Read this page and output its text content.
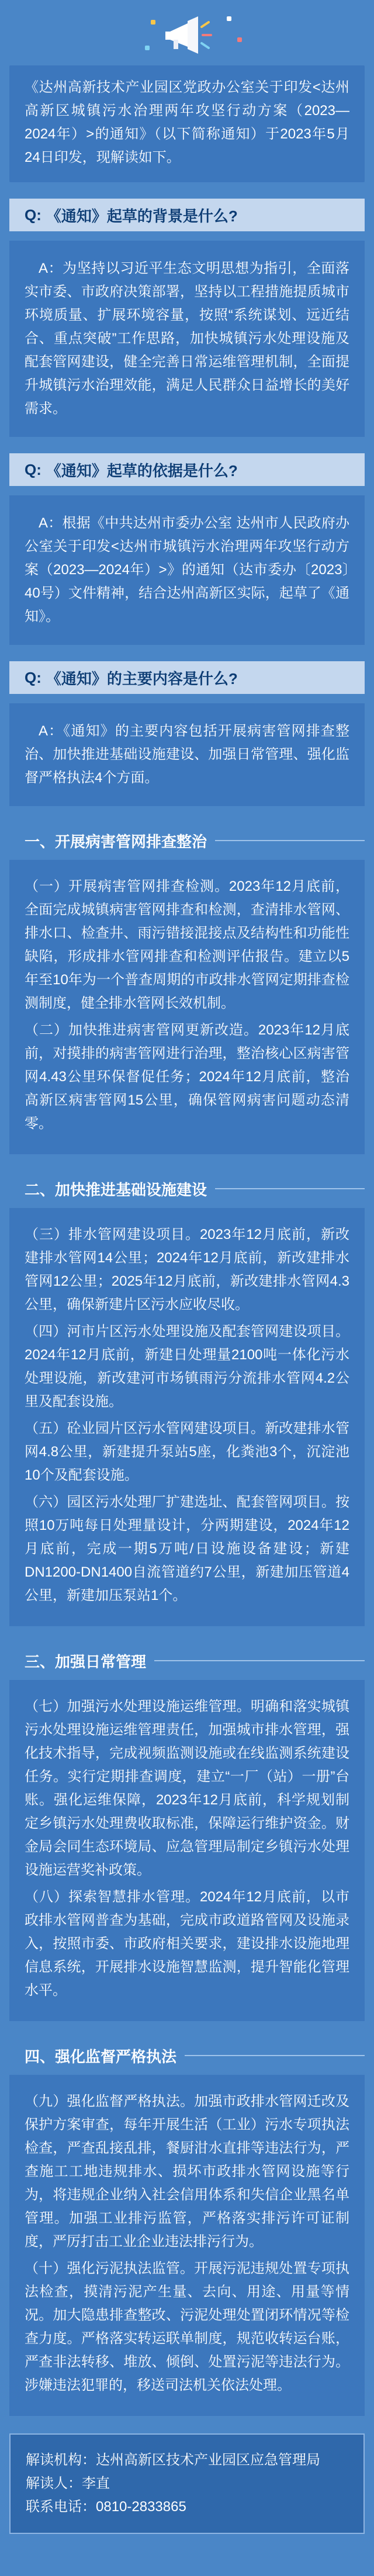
《达州高新技术产业园区党政办公室关于印发<达州高新区城镇污水治理两年攻坚行动方案（2023—2024年）>的通知》（以下简称通知）于2023年5月24日印发，现解读如下。
Q: 《通知》起草的背景是什么?

A：为坚持以习近平生态文明思想为指引，全面落实市委、市政府决策部署，坚持以工程措施提质城市环境质量、扩展环境容量，按照“系统谋划、远近结合、重点突破”工作思路，加快城镇污水处理设施及配套管网建设，健全完善日常运维管理机制，全面提升城镇污水治理效能，满足人民群众日益增长的美好需求。

Q: 《通知》起草的依据是什么?

A：根据《中共达州市委办公室 达州市人民政府办公室关于印发<达州市城镇污水治理两年攻坚行动方案（2023—2024年）>》的通知（达市委办〔2023〕40号）文件精神，结合达州高新区实际，起草了《通知》。

Q: 《通知》的主要内容是什么?

A：《通知》的主要内容包括开展病害管网排查整治、加快推进基础设施建设、加强日常管理、强化监督严格执法4个方面。

一、开展病害管网排查整治

（一）开展病害管网排查检测。2023年12月底前，全面完成城镇病害管网排查和检测，查清排水管网、排水口、检查井、雨污错接混接点及结构性和功能性缺陷，形成排水管网排查和检测评估报告。建立以5年至10年为一个普查周期的市政排水管网定期排查检测制度，健全排水管网长效机制。

（二）加快推进病害管网更新改造。2023年12月底前，对摸排的病害管网进行治理，整治核心区病害管网4.43公里环保督促任务；2024年12月底前，整治高新区病害管网15公里，确保管网病害问题动态清零。

二、加快推进基础设施建设

（三）排水管网建设项目。2023年12月底前，新改建排水管网14公里；2024年12月底前，新改建排水管网12公里；2025年12月底前，新改建排水管网4.3公里，确保新建片区污水应收尽收。

（四）河市片区污水处理设施及配套管网建设项目。2024年12月底前，新建日处理量2100吨一体化污水处理设施，新改建河市场镇雨污分流排水管网4.2公里及配套设施。

（五）砼业园片区污水管网建设项目。新改建排水管网4.8公里，新建提升泵站5座，化粪池3个，沉淀池10个及配套设施。

（六）园区污水处理厂扩建选址、配套管网项目。按照10万吨每日处理量设计，分两期建设，2024年12月底前，完成一期5万吨/日设施设备建设；新建DN1200-DN1400自流管道约7公里，新建加压管道4公里，新建加压泵站1个。

三、加强日常管理

（七）加强污水处理设施运维管理。明确和落实城镇污水处理设施运维管理责任，加强城市排水管理，强化技术指导，完成视频监测设施或在线监测系统建设任务。实行定期排查调度，建立“一厂（站）一册”台账。强化运维保障，2023年12月底前，科学规划制定乡镇污水处理费收取标准，保障运行维护资金。财金局会同生态环境局、应急管理局制定乡镇污水处理设施运营奖补政策。

（八）探索智慧排水管理。2024年12月底前，以市政排水管网普查为基础，完成市政道路管网及设施录入，按照市委、市政府相关要求，建设排水设施地理信息系统，开展排水设施智慧监测，提升智能化管理水平。

四、强化监督严格执法

（九）强化监督严格执法。加强市政排水管网迁改及保护方案审查，每年开展生活（工业）污水专项执法检查，严查乱接乱排，餐厨泔水直排等违法行为，严查施工工地违规排水、损坏市政排水管网设施等行为，将违规企业纳入社会信用体系和失信企业黑名单管理。加强工业排污监管，严格落实排污许可证制度，严厉打击工业企业违法排污行为。

（十）强化污泥执法监管。开展污泥违规处置专项执法检查，摸清污泥产生量、去向、用途、用量等情况。加大隐患排查整改、污泥处理处置闭环情况等检查力度。严格落实转运联单制度，规范收转运台账，严查非法转移、堆放、倾倒、处置污泥等违法行为。涉嫌违法犯罪的，移送司法机关依法处理。

解读机构： 达州高新区技术产业园区应急管理局
解读人： 李直
联系电话： 0810-2833865
